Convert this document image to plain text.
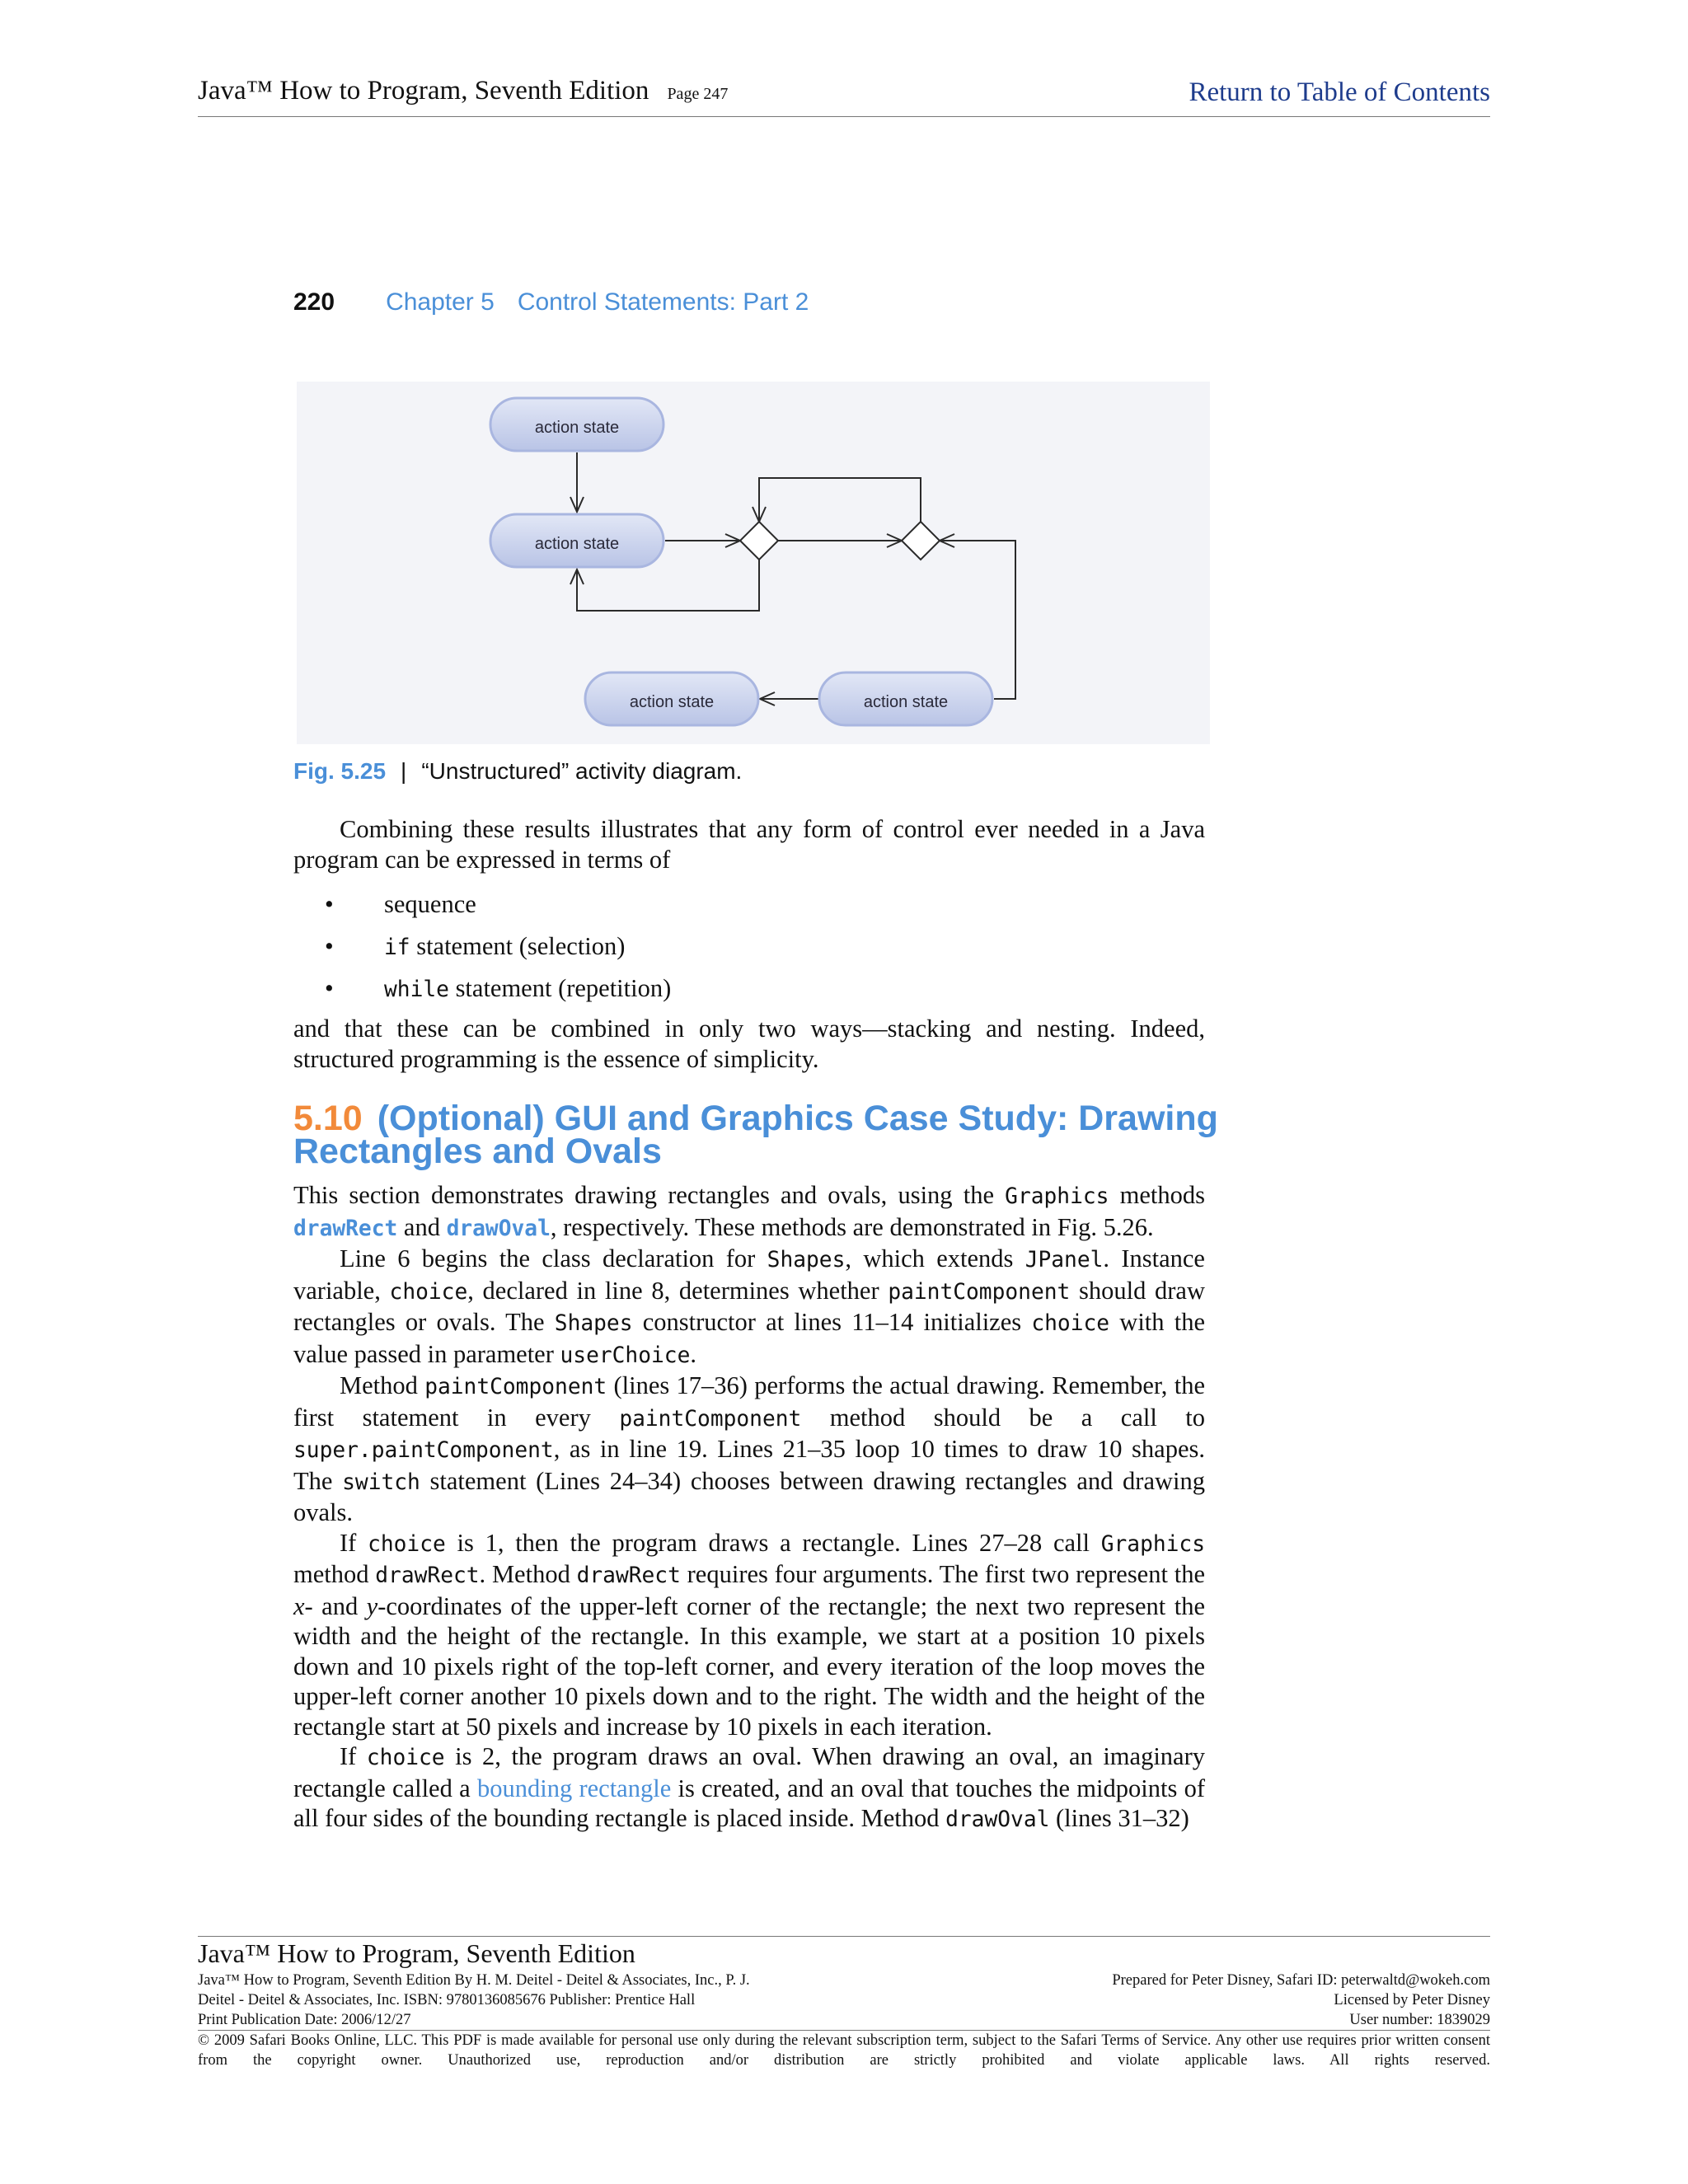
Java™ How to Program, Seventh Edition Page 247	Return to Table of Contents
220 Chapter 5 Control Statements: Part 2
action state
action state
action state	action state
Fig. 5.25 | “Unstructured” activity diagram.

Combining these results illustrates that any form of control ever needed in a Java program can be expressed in terms of

• sequence
• if statement (selection)
• while statement (repetition)

and that these can be combined in only two ways—stacking and nesting. Indeed, structured programming is the essence of simplicity.

5.10 (Optional) GUI and Graphics Case Study: Drawing Rectangles and Ovals

This section demonstrates drawing rectangles and ovals, using the Graphics methods drawRect and drawOval, respectively. These methods are demonstrated in Fig. 5.26.

Line 6 begins the class declaration for Shapes, which extends JPanel. Instance variable, choice, declared in line 8, determines whether paintComponent should draw rectangles or ovals. The Shapes constructor at lines 11–14 initializes choice with the value passed in parameter userChoice.

Method paintComponent (lines 17–36) performs the actual drawing. Remember, the first statement in every paintComponent method should be a call to super.paintComponent, as in line 19. Lines 21–35 loop 10 times to draw 10 shapes. The switch statement (Lines 24–34) chooses between drawing rectangles and drawing ovals.

If choice is 1, then the program draws a rectangle. Lines 27–28 call Graphics method drawRect. Method drawRect requires four arguments. The first two represent the x- and y-coordinates of the upper-left corner of the rectangle; the next two represent the width and the height of the rectangle. In this example, we start at a position 10 pixels down and 10 pixels right of the top-left corner, and every iteration of the loop moves the upper-left corner another 10 pixels down and to the right. The width and the height of the rectangle start at 50 pixels and increase by 10 pixels in each iteration.

If choice is 2, the program draws an oval. When drawing an oval, an imaginary rectangle called a bounding rectangle is created, and an oval that touches the midpoints of all four sides of the bounding rectangle is placed inside. Method drawOval (lines 31–32)

Java™ How to Program, Seventh Edition
Java™ How to Program, Seventh Edition By H. M. Deitel - Deitel & Associates, Inc., P. J.	Prepared for Peter Disney, Safari ID: peterwaltd@wokeh.com
Deitel - Deitel & Associates, Inc. ISBN: 9780136085676 Publisher: Prentice Hall	Licensed by Peter Disney
Print Publication Date: 2006/12/27	User number: 1839029
© 2009 Safari Books Online, LLC. This PDF is made available for personal use only during the relevant subscription term, subject to the Safari Terms of Service. Any other use requires prior written consent from the copyright owner. Unauthorized use, reproduction and/or distribution are strictly prohibited and violate applicable laws. All rights reserved.
